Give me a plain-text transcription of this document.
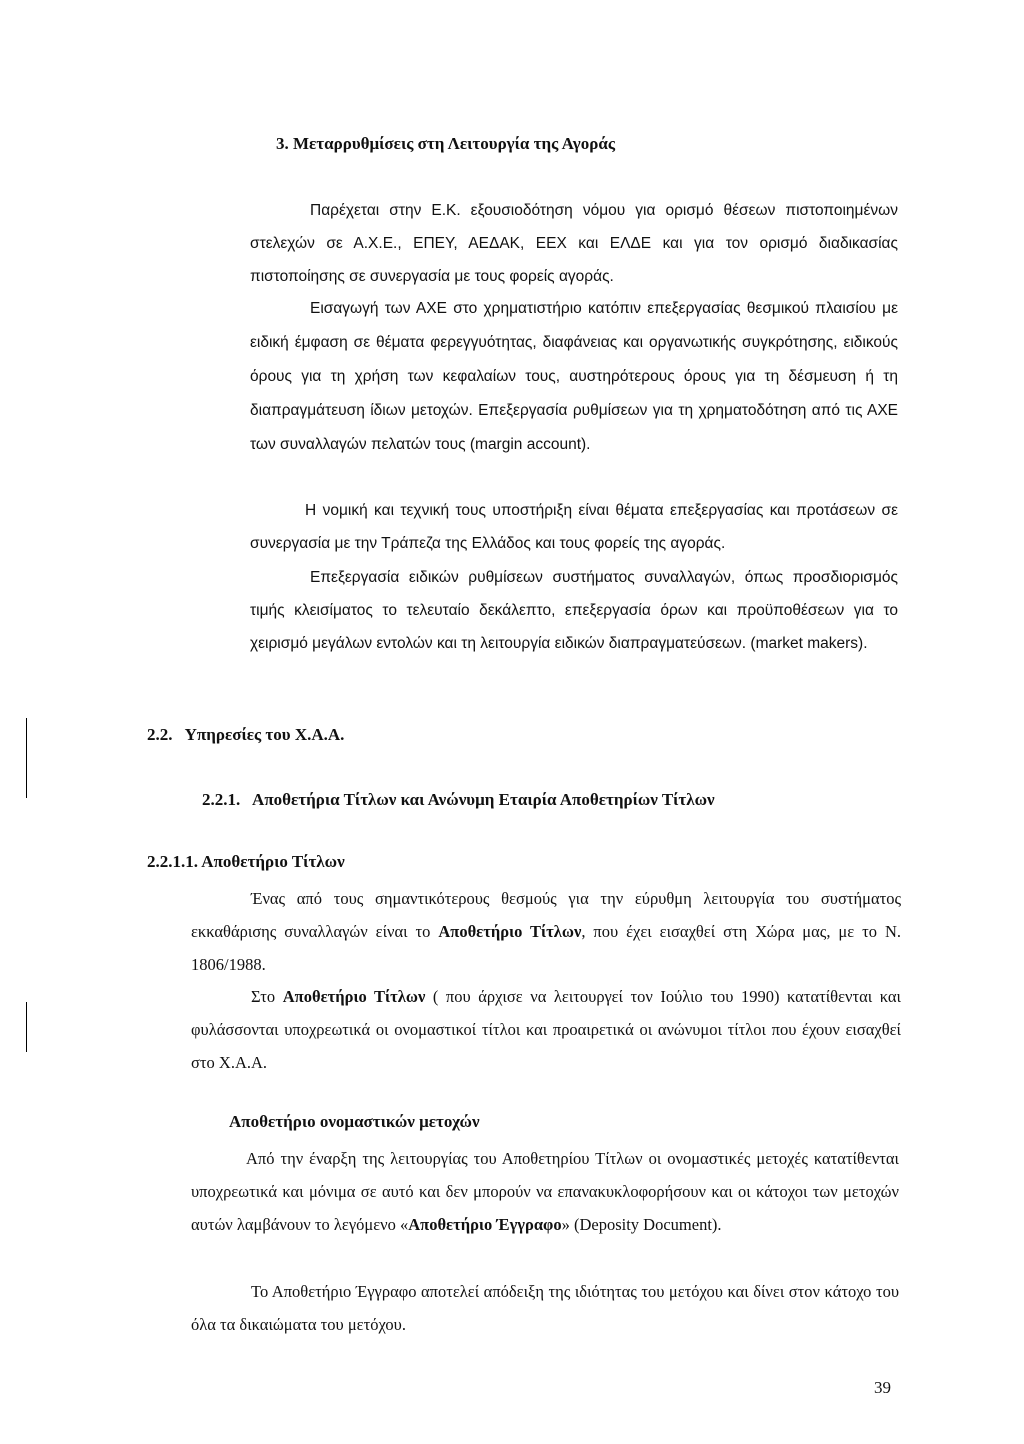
3. Μεταρρυθμίσεις στη Λειτουργία της Αγοράς
Παρέχεται στην Ε.Κ. εξουσιοδότηση νόμου για ορισμό θέσεων πιστοποιημένων στελεχών σε Α.Χ.Ε., ΕΠΕΥ, ΑΕΔΑΚ, ΕΕΧ και ΕΛΔΕ και για τον ορισμό διαδικασίας πιστοποίησης σε συνεργασία με τους φορείς αγοράς.
Εισαγωγή των ΑΧΕ στο χρηματιστήριο κατόπιν επεξεργασίας θεσμικού πλαισίου με ειδική έμφαση σε θέματα φερεγγυότητας, διαφάνειας και οργανωτικής συγκρότησης, ειδικούς όρους για τη χρήση των κεφαλαίων τους, αυστηρότερους όρους για τη δέσμευση ή τη διαπραγμάτευση ίδιων μετοχών. Επεξεργασία ρυθμίσεων για τη χρηματοδότηση από τις ΑΧΕ των συναλλαγών πελατών τους (margin account).
Η νομική και τεχνική τους υποστήριξη είναι θέματα επεξεργασίας και προτάσεων σε συνεργασία με την Τράπεζα της Ελλάδος και τους φορείς της αγοράς.
Επεξεργασία ειδικών ρυθμίσεων συστήματος συναλλαγών, όπως προσδιορισμός τιμής κλεισίματος το τελευταίο δεκάλεπτο, επεξεργασία όρων και προϋποθέσεων για το χειρισμό μεγάλων εντολών και τη λειτουργία ειδικών διαπραγματεύσεων. (market makers).
2.2.   Υπηρεσίες του Χ.Α.Α.
2.2.1.   Αποθετήρια Τίτλων και Ανώνυμη Εταιρία Αποθετηρίων Τίτλων
2.2.1.1. Αποθετήριο Τίτλων
Ένας από τους σημαντικότερους θεσμούς για την εύρυθμη λειτουργία του συστήματος εκκαθάρισης συναλλαγών είναι το Αποθετήριο Τίτλων, που έχει εισαχθεί στη Χώρα μας, με το Ν. 1806/1988.
Στο Αποθετήριο Τίτλων ( που άρχισε να λειτουργεί τον Ιούλιο του 1990) κατατίθενται και φυλάσσονται υποχρεωτικά οι ονομαστικοί τίτλοι και προαιρετικά οι ανώνυμοι τίτλοι που έχουν εισαχθεί στο Χ.Α.Α.
Αποθετήριο ονομαστικών μετοχών
Από την έναρξη της λειτουργίας του Αποθετηρίου Τίτλων οι ονομαστικές μετοχές κατατίθενται υποχρεωτικά και μόνιμα σε αυτό και δεν μπορούν να επανακυκλοφορήσουν και οι κάτοχοι των μετοχών αυτών λαμβάνουν το λεγόμενο «Αποθετήριο Έγγραφο» (Deposity Document).
Το Αποθετήριο Έγγραφο αποτελεί απόδειξη της ιδιότητας του μετόχου και δίνει στον κάτοχο του όλα τα δικαιώματα του μετόχου.
39
